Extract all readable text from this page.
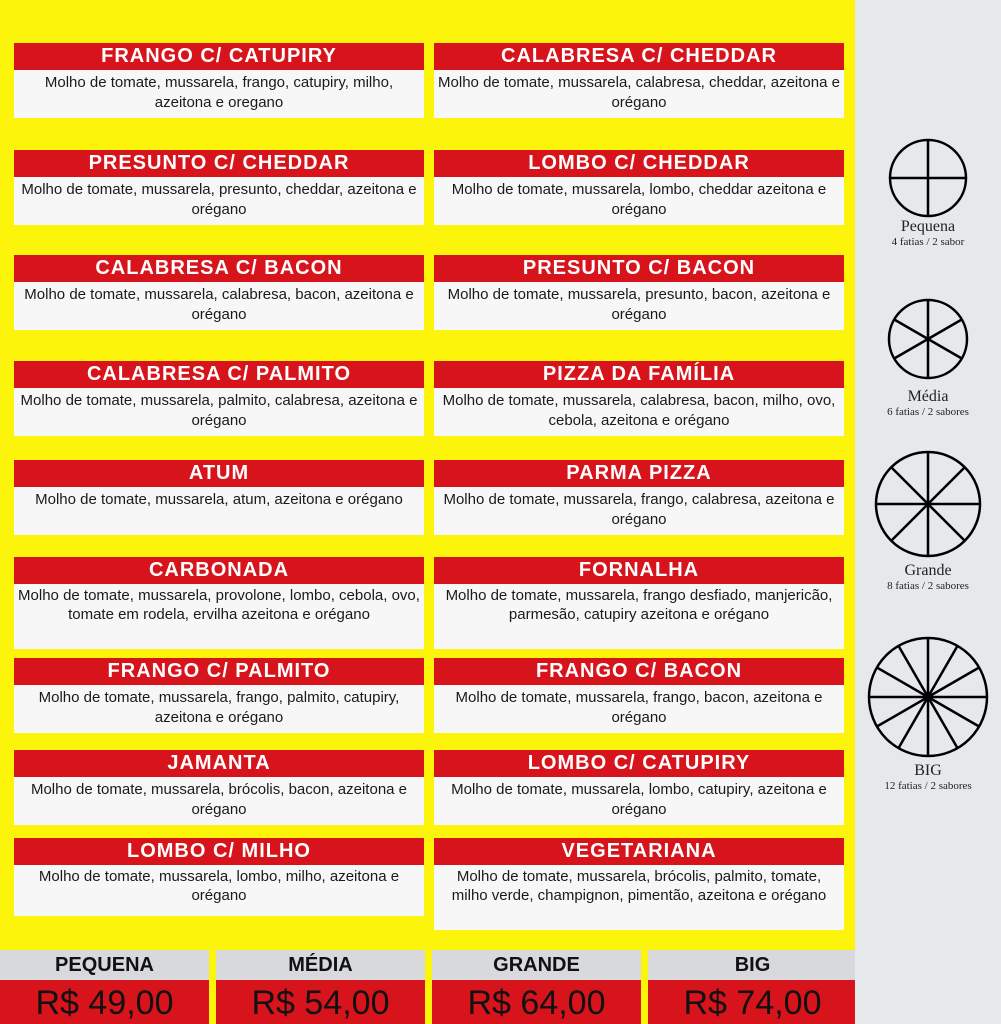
FRANGO C/ CATUPIRY
Molho de tomate, mussarela, frango, catupiry, milho, azeitona e oregano
CALABRESA C/ CHEDDAR
Molho de tomate, mussarela, calabresa, cheddar, azeitona e orégano
PRESUNTO C/ CHEDDAR
Molho de tomate, mussarela, presunto, cheddar, azeitona e orégano
LOMBO C/ CHEDDAR
Molho de tomate, mussarela, lombo, cheddar azeitona e orégano
CALABRESA C/ BACON
Molho de tomate, mussarela, calabresa, bacon, azeitona e orégano
PRESUNTO C/ BACON
Molho de tomate, mussarela, presunto, bacon, azeitona e orégano
CALABRESA C/ PALMITO
Molho de tomate, mussarela, palmito, calabresa, azeitona e orégano
PIZZA DA FAMÍLIA
Molho de tomate, mussarela, calabresa, bacon, milho, ovo, cebola, azeitona e orégano
ATUM
Molho de tomate, mussarela, atum, azeitona e orégano
PARMA PIZZA
Molho de tomate, mussarela, frango, calabresa, azeitona e orégano
CARBONADA
Molho de tomate, mussarela, provolone, lombo, cebola, ovo, tomate em rodela, ervilha azeitona e orégano
FORNALHA
Molho de tomate, mussarela, frango desfiado, manjericão, parmesão, catupiry azeitona e orégano
FRANGO C/ PALMITO
Molho de tomate, mussarela, frango, palmito, catupiry, azeitona e orégano
FRANGO C/ BACON
Molho de tomate, mussarela, frango, bacon, azeitona e orégano
JAMANTA
Molho de tomate, mussarela, brócolis, bacon, azeitona e orégano
LOMBO C/ CATUPIRY
Molho de tomate, mussarela, lombo, catupiry, azeitona e orégano
LOMBO C/ MILHO
Molho de tomate, mussarela, lombo, milho, azeitona e orégano
VEGETARIANA
Molho de tomate, mussarela, brócolis, palmito, tomate, milho verde, champignon, pimentão, azeitona e orégano
PEQUENA
R$ 49,00
MÉDIA
R$ 54,00
GRANDE
R$ 64,00
BIG
R$ 74,00
Pequena
4 fatias / 2 sabor
Média
6 fatias / 2 sabores
Grande
8 fatias / 2 sabores
BIG
12 fatias / 2 sabores
